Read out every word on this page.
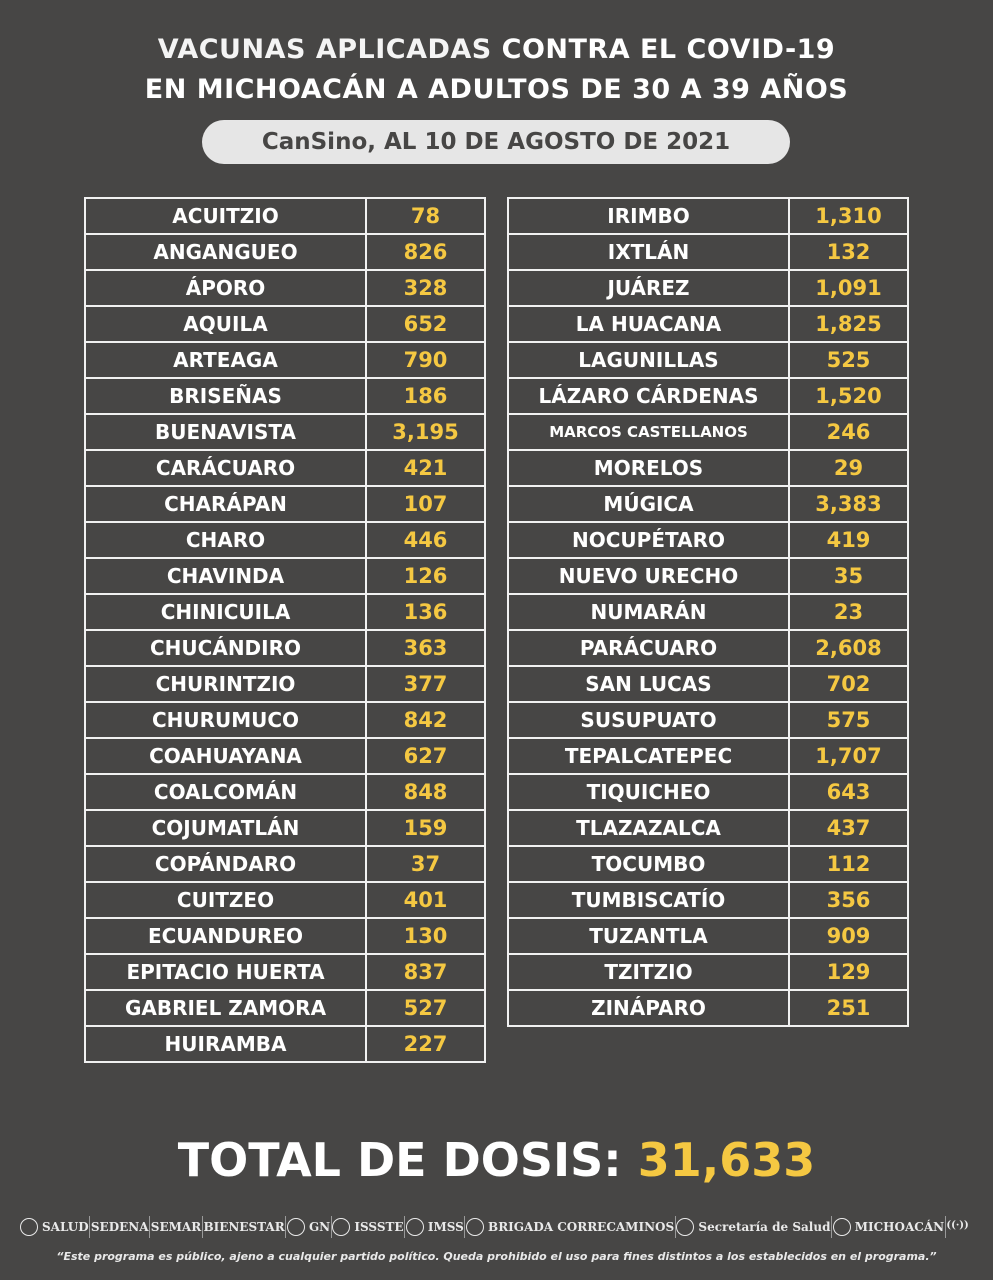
VACUNAS APLICADAS CONTRA EL COVID-19
EN MICHOACÁN A ADULTOS DE 30 A 39 AÑOS
CanSino, AL 10 DE AGOSTO DE 2021
ACUITZIO	78
ANGANGUEO	826
ÁPORO	328
AQUILA	652
ARTEAGA	790
BRISEÑAS	186
BUENAVISTA	3,195
CARÁCUARO	421
CHARÁPAN	107
CHARO	446
CHAVINDA	126
CHINICUILA	136
CHUCÁNDIRO	363
CHURINTZIO	377
CHURUMUCO	842
COAHUAYANA	627
COALCOMÁN	848
COJUMATLÁN	159
COPÁNDARO	37
CUITZEO	401
ECUANDUREO	130
EPITACIO HUERTA	837
GABRIEL ZAMORA	527
HUIRAMBA	227
IRIMBO	1,310
IXTLÁN	132
JUÁREZ	1,091
LA HUACANA	1,825
LAGUNILLAS	525
LÁZARO CÁRDENAS	1,520
MARCOS CASTELLANOS	246
MORELOS	29
MÚGICA	3,383
NOCUPÉTARO	419
NUEVO URECHO	35
NUMARÁN	23
PARÁCUARO	2,608
SAN LUCAS	702
SUSUPUATO	575
TEPALCATEPEC	1,707
TIQUICHEO	643
TLAZAZALCA	437
TOCUMBO	112
TUMBISCATÍO	356
TUZANTLA	909
TZITZIO	129
ZINÁPARO	251
TOTAL DE DOSIS: 31,633
SALUD SEDENA SEMAR BIENESTAR GN ISSSTE IMSS BRIGADA CORRECAMINOS Secretaría de Salud MICHOACÁN ((·))
“Este programa es público, ajeno a cualquier partido político. Queda prohibido el uso para fines distintos a los establecidos en el programa.”
